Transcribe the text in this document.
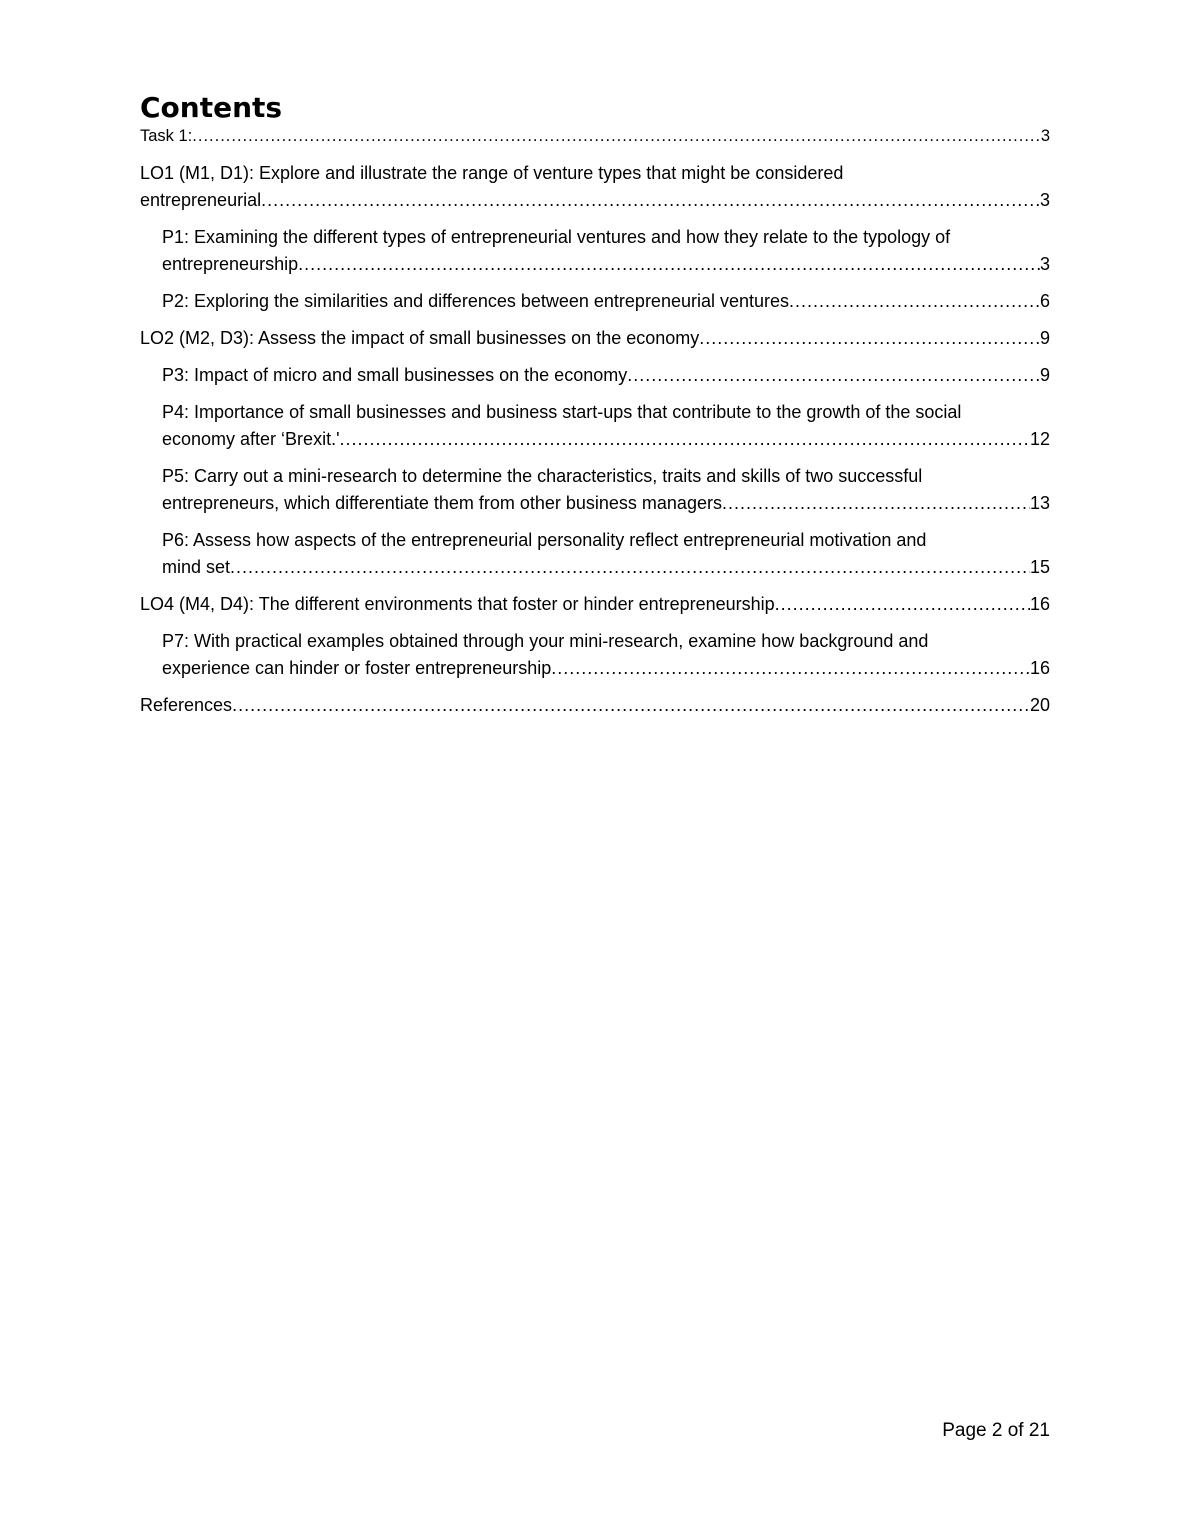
Contents
Task 1: .....	3
LO1 (M1, D1): Explore and illustrate the range of venture types that might be considered
entrepreneurial .....	3
P1: Examining the different types of entrepreneurial ventures and how they relate to the typology of
entrepreneurship .....	3
P2: Exploring the similarities and differences between entrepreneurial ventures .....	6
LO2 (M2, D3): Assess the impact of small businesses on the economy .....	9
P3: Impact of micro and small businesses on the economy .....	9
P4: Importance of small businesses and business start-ups that contribute to the growth of the social
economy after ‘Brexit.' .....	12
P5: Carry out a mini-research to determine the characteristics, traits and skills of two successful
entrepreneurs, which differentiate them from other business managers .....	13
P6: Assess how aspects of the entrepreneurial personality reflect entrepreneurial motivation and
mind set .....	15
LO4 (M4, D4): The different environments that foster or hinder entrepreneurship .....	16
P7: With practical examples obtained through your mini-research, examine how background and
experience can hinder or foster entrepreneurship .....	16
References .....	20
Page 2 of 21
